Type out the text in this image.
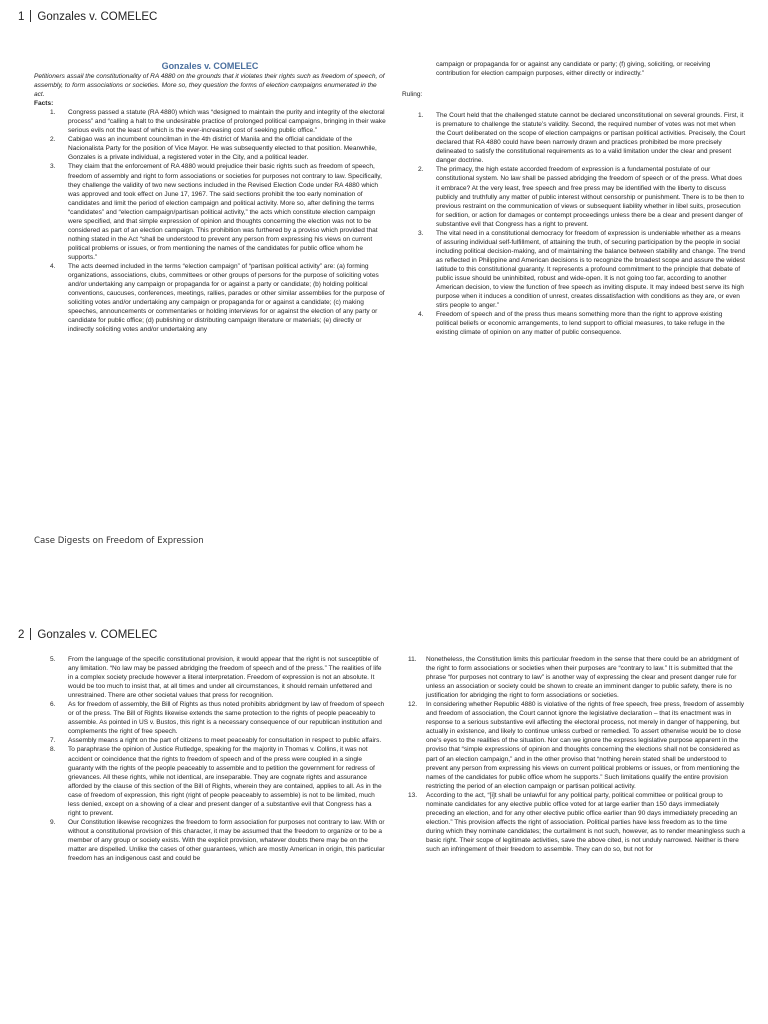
1 Gonzales v. COMELEC

Gonzales v. COMELEC

Petitioners assail the constitutionality of RA 4880 on the grounds that it violates their rights such as freedom of speech, of assembly, to form associations or societies. More so, they question the forms of election campaigns enumerated in the act.

Facts:

1. Congress passed a statute (RA 4880) which was “designed to maintain the purity and integrity of the electoral process” and “calling a halt to the undesirable practice of prolonged political campaigns, bringing in their wake serious evils not the least of which is the ever-increasing cost of seeking public office.”
2. Cabigao was an incumbent councilman in the 4th district of Manila and the official candidate of the Nacionalista Party for the position of Vice Mayor. He was subsequently elected to that position. Meanwhile, Gonzales is a private individual, a registered voter in the City, and a political leader.
3. They claim that the enforcement of RA 4880 would prejudice their basic rights such as freedom of speech, freedom of assembly and right to form associations or societies for purposes not contrary to law. Specifically, they challenge the validity of two new sections included in the Revised Election Code under RA 4880 which was approved and took effect on June 17, 1967. The said sections prohibit the too early nomination of candidates and limit the period of election campaign and political activity. More so, after defining the terms “candidates” and “election campaign/partisan political activity,” the acts which constitute election campaign were specified, and that simple expression of opinion and thoughts concerning the election was not to be considered as part of an election campaign. This prohibition was furthered by a proviso which provided that nothing stated in the Act “shall be understood to prevent any person from expressing his views on current political problems or issues, or from mentioning the names of the candidates for public office whom he supports.”
4. The acts deemed included in the terms “election campaign” of “partisan political activity” are: (a) forming organizations, associations, clubs, committees or other groups of persons for the purpose of soliciting votes and/or undertaking any campaign or propaganda for or against a party or candidate; (b) holding political conventions, caucuses, conferences, meetings, rallies, parades or other similar assemblies for the purpose of soliciting votes and/or undertaking any campaign or propaganda for or against a candidate; (c) making speeches, announcements or commentaries or holding interviews for or against the election of any party or candidate for public office; (d) publishing or distributing campaign literature or materials; (e) directly or indirectly soliciting votes and/or undertaking any

campaign or propaganda for or against any candidate or party; (f) giving, soliciting, or receiving contribution for election campaign purposes, either directly or indirectly.”

Ruling:

1. The Court held that the challenged statute cannot be declared unconstitutional on several grounds. First, it is premature to challenge the statute’s validity. Second, the required number of votes was not met when the Court deliberated on the scope of election campaigns or partisan political activities. Precisely, the Court declared that RA 4880 could have been narrowly drawn and practices prohibited be more precisely delineated to satisfy the constitutional requirements as to a valid limitation under the clear and present danger doctrine.
2. The primacy, the high estate accorded freedom of expression is a fundamental postulate of our constitutional system. No law shall be passed abridging the freedom of speech or of the press. What does it embrace? At the very least, free speech and free press may be identified with the liberty to discuss publicly and truthfully any matter of public interest without censorship or punishment. There is to be then to previous restraint on the communication of views or subsequent liability whether in libel suits, prosecution for sedition, or action for damages or contempt proceedings unless there be a clear and present danger of substantive evil that Congress has a right to prevent.
3. The vital need in a constitutional democracy for freedom of expression is undeniable whether as a means of assuring individual self-fulfillment, of attaining the truth, of securing participation by the people in social including political decision-making, and of maintaining the balance between stability and change. The trend as reflected in Philippine and American decisions is to recognize the broadest scope and assure the widest latitude to this constitutional guaranty. It represents a profound commitment to the principle that debate of public issue should be uninhibited, robust and wide-open. It is not going too far, according to another American decision, to view the function of free speech as inviting dispute. It may indeed best serve its high purpose when it induces a condition of unrest, creates dissatisfaction with conditions as they are, or even stirs people to anger.”
4. Freedom of speech and of the press thus means something more than the right to approve existing political beliefs or economic arrangements, to lend support to official measures, to take refuge in the existing climate of opinion on any matter of public consequence.
Case Digests on Freedom of Expression
2 Gonzales v. COMELEC
5. From the language of the specific constitutional provision, it would appear that the right is not susceptible of any limitation. “No law may be passed abridging the freedom of speech and of the press.” The realities of life in a complex society preclude however a literal interpretation. Freedom of expression is not an absolute. It would be too much to insist that, at all times and under all circumstances, it should remain unfettered and unrestrained. There are other societal values that press for recognition.
6. As for freedom of assembly, the Bill of Rights as thus noted prohibits abridgment by law of freedom of speech or of the press. The Bill of Rights likewise extends the same protection to the rights of people peaceably to assemble. As pointed in US v. Bustos, this right is a necessary consequence of our republican institution and complements the right of free speech.
7. Assembly means a right on the part of citizens to meet peaceably for consultation in respect to public affairs.
8. To paraphrase the opinion of Justice Rutledge, speaking for the majority in Thomas v. Collins, it was not accident or coincidence that the rights to freedom of speech and of the press were coupled in a single guaranty with the rights of the people peaceably to assemble and to petition the government for redress of grievances. All these rights, while not identical, are inseparable. They are cognate rights and assurance afforded by the clause of this section of the Bill of Rights, wherein they are contained, applies to all. As in the case of freedom of expression, this right (right of people peaceably to assemble) is not to be limited, much less denied, except on a showing of a clear and present danger of a substantive evil that Congress has a right to prevent.
9. Our Constitution likewise recognizes the freedom to form association for purposes not contrary to law. With or without a constitutional provision of this character, it may be assumed that the freedom to organize or to be a member of any group or society exists. With the explicit provision, whatever doubts there may be on the matter are dispelled. Unlike the cases of other guarantees, which are mostly American in origin, this particular freedom has an indigenous cast and could be
11. Nonetheless, the Constitution limits this particular freedom in the sense that there could be an abridgment of the right to form associations or societies when their purposes are “contrary to law.” It is submitted that the phrase “for purposes not contrary to law” is another way of expressing the clear and present danger rule for unless an association or society could be shown to create an imminent danger to public safety, there is no justification for abridging the right to form associations or societies.
12. In considering whether Republic 4880 is violative of the rights of free speech, free press, freedom of assembly and freedom of association, the Court cannot ignore the legislative declaration – that its enactment was in response to a serious substantive evil affecting the electoral process, not merely in danger of happening, but actually in existence, and likely to continue unless curbed or remedied. To assert otherwise would be to close one’s eyes to the realities of the situation. Nor can we ignore the express legislative purpose apparent in the proviso that “simple expressions of opinion and thoughts concerning the elections shall not be considered as part of an election campaign,” and in the other proviso that “nothing herein stated shall be understood to prevent any person from expressing his views on current political problems or issues, or from mentioning the names of the candidates for public office whom he supports.” Such limitations qualify the entire provision restricting the period of an election campaign or partisan political activity.
13. According to the act, “[i]t shall be unlawful for any political party, political committee or political group to nominate candidates for any elective public office voted for at large earlier than 150 days immediately preceding an election, and for any other elective public office earlier than 90 days immediately preceding an election.” This provision affects the right of association. Political parties have less freedom as to the time during which they nominate candidates; the curtailment is not such, however, as to render meaningless such a basic right. Their scope of legitimate activities, save the above cited, is not unduly narrowed. Neither is there such an infringement of their freedom to assemble. They can do so, but not for
